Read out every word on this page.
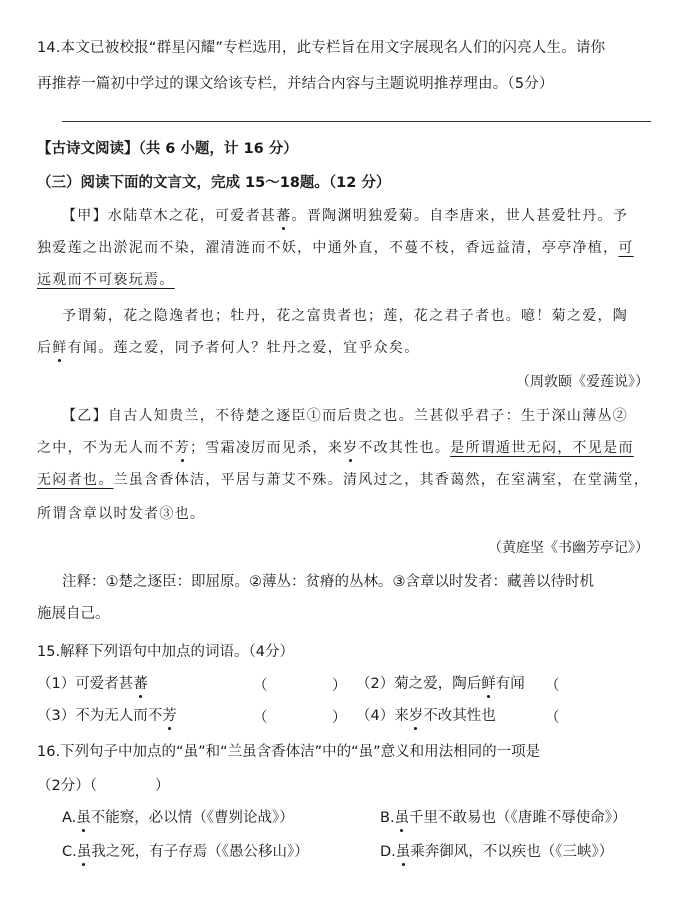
14.本文已被校报“群星闪耀”专栏选用，此专栏旨在用文字展现名人们的闪亮人生。请你
再推荐一篇初中学过的课文给该专栏，并结合内容与主题说明推荐理由。（5分）
【古诗文阅读】（共 6 小题，计 16 分）
（三）阅读下面的文言文，完成 15～18题。（12 分）
【甲】水陆草木之花，可爱者甚蕃。晋陶渊明独爱菊。自李唐来，世人甚爱牡丹。予
独爱莲之出淤泥而不染，濯清涟而不妖，中通外直，不蔓不枝，香远益清，亭亭净植，可
远观而不可亵玩焉。
予谓菊，花之隐逸者也；牡丹，花之富贵者也；莲，花之君子者也。噫！菊之爱，陶
后鲜有闻。莲之爱，同予者何人？牡丹之爱，宜乎众矣。
（周敦颐《爱莲说》）
【乙】自古人知贵兰，不待楚之逐臣①而后贵之也。兰甚似乎君子：生于深山薄丛②
之中，不为无人而不芳；雪霜凌厉而见杀，来岁不改其性也。是所谓遁世无闷，不见是而
无闷者也。兰虽含香体洁，平居与萧艾不殊。清风过之，其香蔼然，在室满室，在堂满堂，
所谓含章以时发者③也。
（黄庭坚《书幽芳亭记》）
注释：①楚之逐臣：即屈原。②薄丛：贫瘠的丛林。③含章以时发者：藏善以待时机
施展自己。
15.解释下列语句中加点的词语。（4分）
（1）可爱者甚蕃	（	） （2）菊之爱，陶后鲜有闻 （
（3）不为无人而不芳	（	） （4）来岁不改其性也	（
16.下列句子中加点的“虽”和“兰虽含香体洁”中的“虽”意义和用法相同的一项是
（2分）（　　　　）
A.虽不能察，必以情（《曹刿论战》）	B.虽千里不敢易也（《唐雎不辱使命》）
C.虽我之死，有子存焉（《愚公移山》）	D.虽乘奔御风，不以疾也（《三峡》）
